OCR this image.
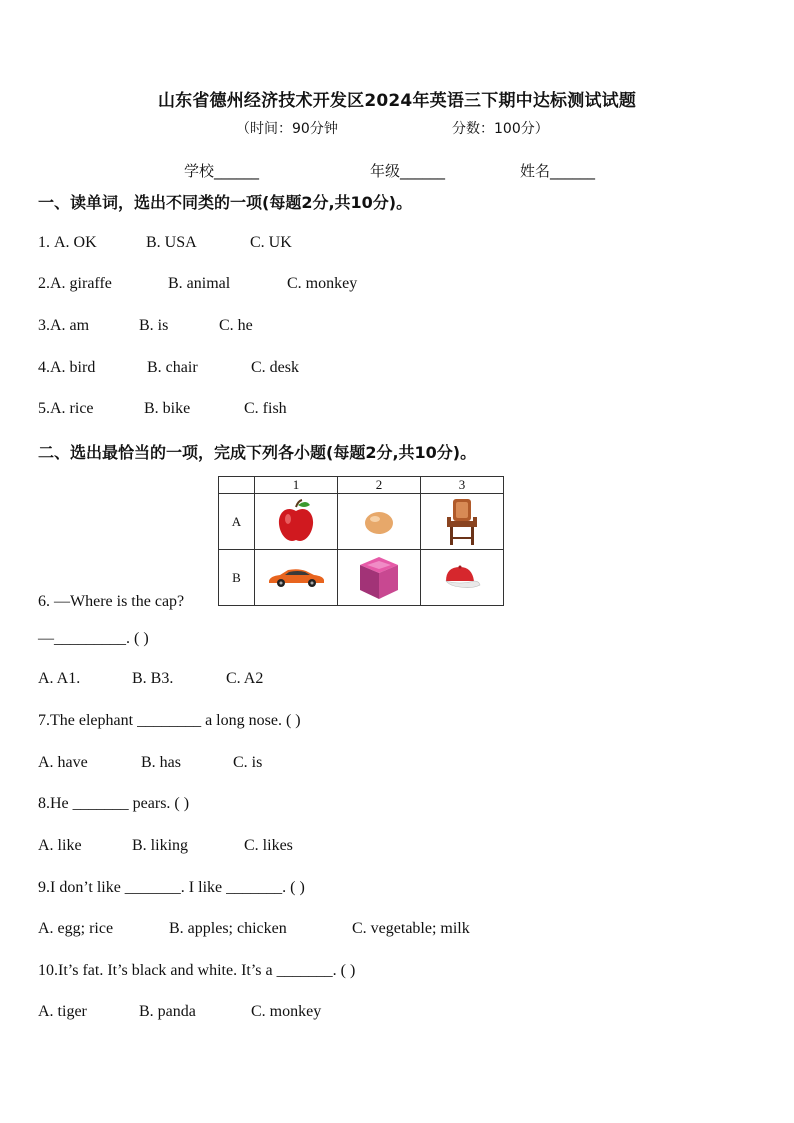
山东省德州经济技术开发区2024年英语三下期中达标测试试题
（时间：90分钟	分数：100分）
学校______	年级______	姓名______
一、读单词，选出不同类的一项(每题2分,共10分)。
1. A. OK	B. USA	C. UK
2.A. giraffe	B. animal	C. monkey
3.A. am	B. is	C. he
4.A. bird	B. chair	C. desk
5.A. rice	B. bike	C. fish
二、选出最恰当的一项，完成下列各小题(每题2分,共10分)。
	1	2	3
A	

B	

6. —Where is the cap?
—_________. ( )
A. A1.	B. B3.	C. A2
7.The elephant ________ a long nose. ( )
A. have	B. has	C. is
8.He _______ pears. ( )
A. like	B. liking	C. likes
9.I don’t like _______. I like _______. ( )
A. egg; rice	B. apples; chicken	C. vegetable; milk
10.It’s fat. It’s black and white. It’s a _______. ( )
A. tiger	B. panda	C. monkey
